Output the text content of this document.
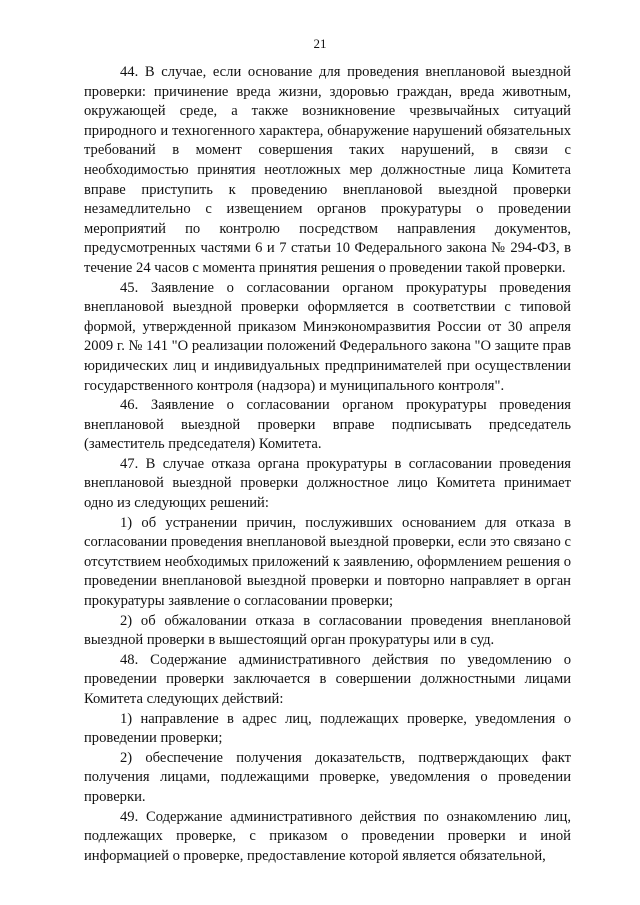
21

44. В случае, если основание для проведения внеплановой выездной проверки: причинение вреда жизни, здоровью граждан, вреда животным, окружающей среде, а также возникновение чрезвычайных ситуаций природного и техногенного характера, обнаружение нарушений обязательных требований в момент совершения таких нарушений, в связи с необходимостью принятия неотложных мер должностные лица Комитета вправе приступить к проведению внеплановой выездной проверки незамедлительно с извещением органов прокуратуры о проведении мероприятий по контролю посредством направления документов, предусмотренных частями 6 и 7 статьи 10 Федерального закона № 294-ФЗ, в течение 24 часов с момента принятия решения о проведении такой проверки.

45. Заявление о согласовании органом прокуратуры проведения внеплановой выездной проверки оформляется в соответствии с типовой формой, утвержденной приказом Минэкономразвития России от 30 апреля 2009 г. № 141 "О реализации положений Федерального закона "О защите прав юридических лиц и индивидуальных предпринимателей при осуществлении государственного контроля (надзора) и муниципального контроля".

46. Заявление о согласовании органом прокуратуры проведения внеплановой выездной проверки вправе подписывать председатель (заместитель председателя) Комитета.

47. В случае отказа органа прокуратуры в согласовании проведения внеплановой выездной проверки должностное лицо Комитета принимает одно из следующих решений:

1) об устранении причин, послуживших основанием для отказа в согласовании проведения внеплановой выездной проверки, если это связано с отсутствием необходимых приложений к заявлению, оформлением решения о проведении внеплановой выездной проверки и повторно направляет в орган прокуратуры заявление о согласовании проверки;

2) об обжаловании отказа в согласовании проведения внеплановой выездной проверки в вышестоящий орган прокуратуры или в суд.

48. Содержание административного действия по уведомлению о проведении проверки заключается в совершении должностными лицами Комитета следующих действий:

1) направление в адрес лиц, подлежащих проверке, уведомления о проведении проверки;

2) обеспечение получения доказательств, подтверждающих факт получения лицами, подлежащими проверке, уведомления о проведении проверки.

49. Содержание административного действия по ознакомлению лиц, подлежащих проверке, с приказом о проведении проверки и иной информацией о проверке, предоставление которой является обязательной,
